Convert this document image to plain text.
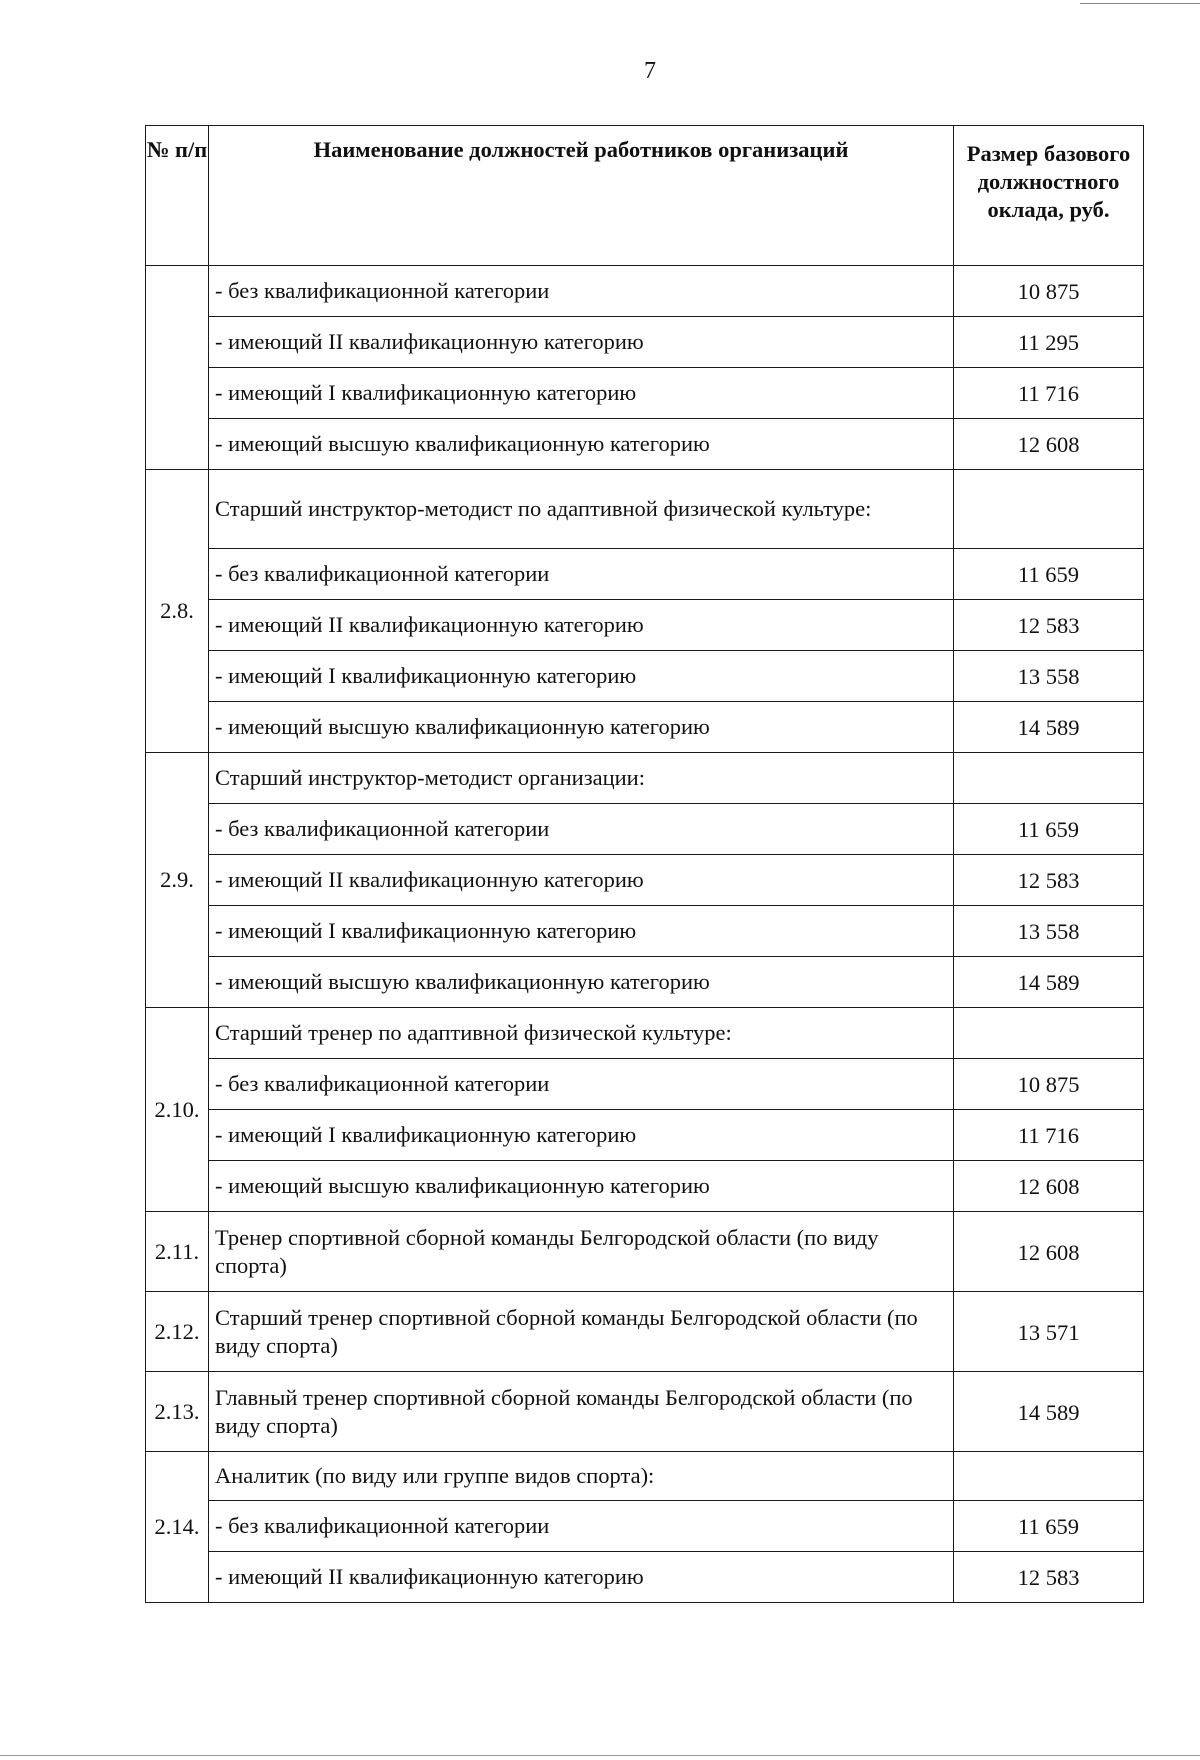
7
№ п/п	Наименование должностей работников организаций	Размер базового должностного оклада, руб.
	- без квалификационной категории	10 875
	- имеющий II квалификационную категорию	11 295
	- имеющий I квалификационную категорию	11 716
	- имеющий высшую квалификационную категорию	12 608
2.8.	Старший инструктор-методист по адаптивной физической культуре:	
	- без квалификационной категории	11 659
	- имеющий II квалификационную категорию	12 583
	- имеющий I квалификационную категорию	13 558
	- имеющий высшую квалификационную категорию	14 589
2.9.	Старший инструктор-методист организации:	
	- без квалификационной категории	11 659
	- имеющий II квалификационную категорию	12 583
	- имеющий I квалификационную категорию	13 558
	- имеющий высшую квалификационную категорию	14 589
2.10.	Старший тренер по адаптивной физической культуре:	
	- без квалификационной категории	10 875
	- имеющий I квалификационную категорию	11 716
	- имеющий высшую квалификационную категорию	12 608
2.11.	Тренер спортивной сборной команды Белгородской области (по виду спорта)	12 608
2.12.	Старший тренер спортивной сборной команды Белгородской области (по виду спорта)	13 571
2.13.	Главный тренер спортивной сборной команды Белгородской области (по виду спорта)	14 589
2.14.	Аналитик (по виду или группе видов спорта):	
	- без квалификационной категории	11 659
	- имеющий II квалификационную категорию	12 583
